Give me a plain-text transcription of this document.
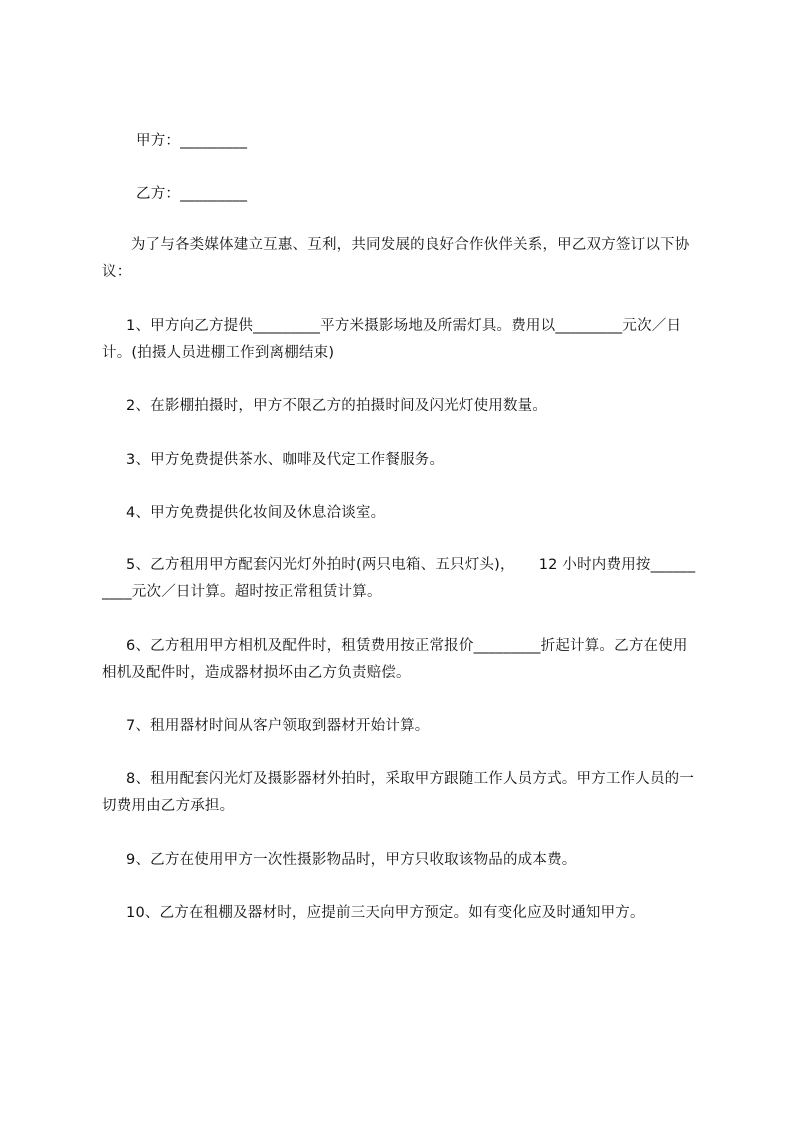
甲方：_________
乙方：_________
为了与各类媒体建立互惠、互利，共同发展的良好合作伙伴关系，甲乙双方签订以下协议：
1、甲方向乙方提供_________平方米摄影场地及所需灯具。费用以_________元次／日计。(拍摄人员进棚工作到离棚结束)
2、在影棚拍摄时，甲方不限乙方的拍摄时间及闪光灯使用数量。
3、甲方免费提供茶水、咖啡及代定工作餐服务。
4、甲方免费提供化妆间及休息洽谈室。
5、乙方租用甲方配套闪光灯外拍时(两只电箱、五只灯头)，     12 小时内费用按__________元次／日计算。超时按正常租赁计算。
6、乙方租用甲方相机及配件时，租赁费用按正常报价_________折起计算。乙方在使用相机及配件时，造成器材损坏由乙方负责赔偿。
7、租用器材时间从客户领取到器材开始计算。
8、租用配套闪光灯及摄影器材外拍时，采取甲方跟随工作人员方式。甲方工作人员的一切费用由乙方承担。
9、乙方在使用甲方一次性摄影物品时，甲方只收取该物品的成本费。
10、乙方在租棚及器材时，应提前三天向甲方预定。如有变化应及时通知甲方。
